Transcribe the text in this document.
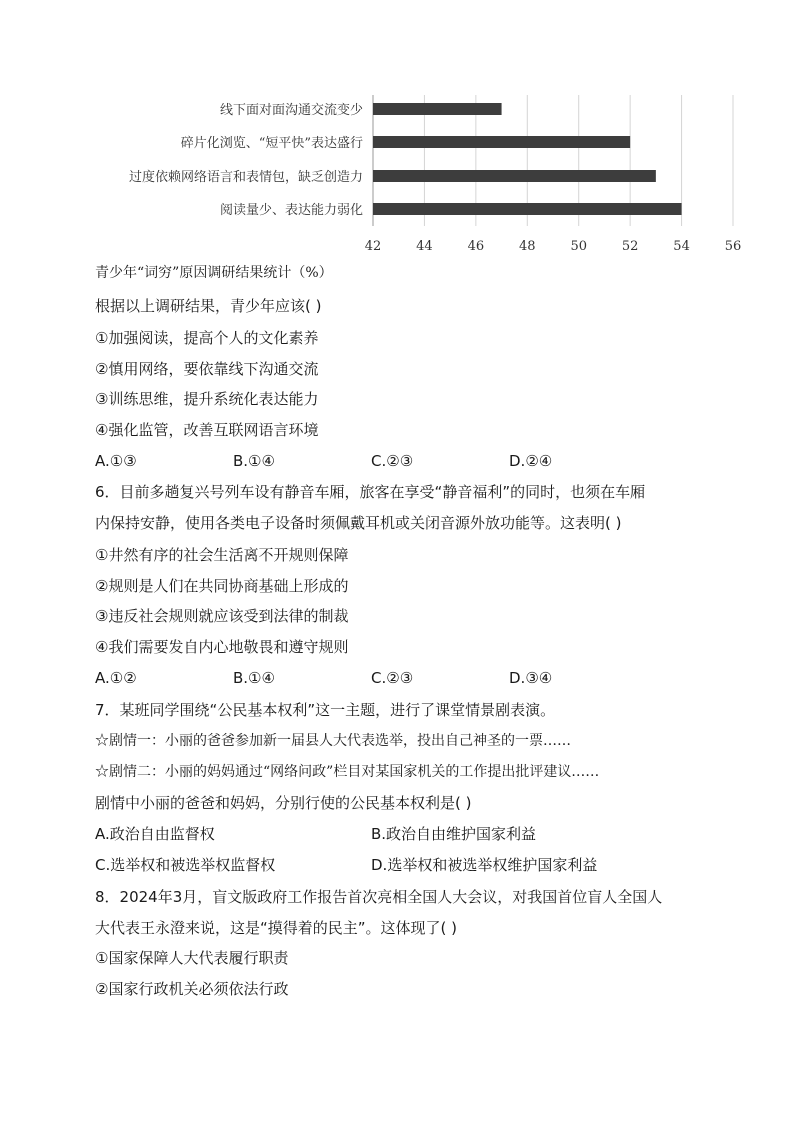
线下面对面沟通交流变少
碎片化浏览、“短平快”表达盛行
过度依赖网络语言和表情包，缺乏创造力
阅读量少、表达能力弱化
42	44	46	48	50	52	54	56

青少年“词穷”原因调研结果统计（%）

根据以上调研结果，青少年应该( )

①加强阅读，提高个人的文化素养

②慎用网络，要依靠线下沟通交流

③训练思维，提升系统化表达能力

④强化监管，改善互联网语言环境

A.①③	B.①④	C.②③	D.②④

6．目前多趟复兴号列车设有静音车厢，旅客在享受“静音福利”的同时，也须在车厢

内保持安静，使用各类电子设备时须佩戴耳机或关闭音源外放功能等。这表明( )

①井然有序的社会生活离不开规则保障

②规则是人们在共同协商基础上形成的

③违反社会规则就应该受到法律的制裁

④我们需要发自内心地敬畏和遵守规则

A.①②	B.①④	C.②③	D.③④

7．某班同学围绕“公民基本权利”这一主题，进行了课堂情景剧表演。

☆剧情一：小丽的爸爸参加新一届县人大代表选举，投出自己神圣的一票……

☆剧情二：小丽的妈妈通过“网络问政”栏目对某国家机关的工作提出批评建议……

剧情中小丽的爸爸和妈妈，分别行使的公民基本权利是( )

A.政治自由监督权	B.政治自由维护国家利益
C.选举权和被选举权监督权	D.选举权和被选举权维护国家利益

8．2024年3月，盲文版政府工作报告首次亮相全国人大会议，对我国首位盲人全国人

大代表王永澄来说，这是“摸得着的民主”。这体现了( )

①国家保障人大代表履行职责

②国家行政机关必须依法行政
